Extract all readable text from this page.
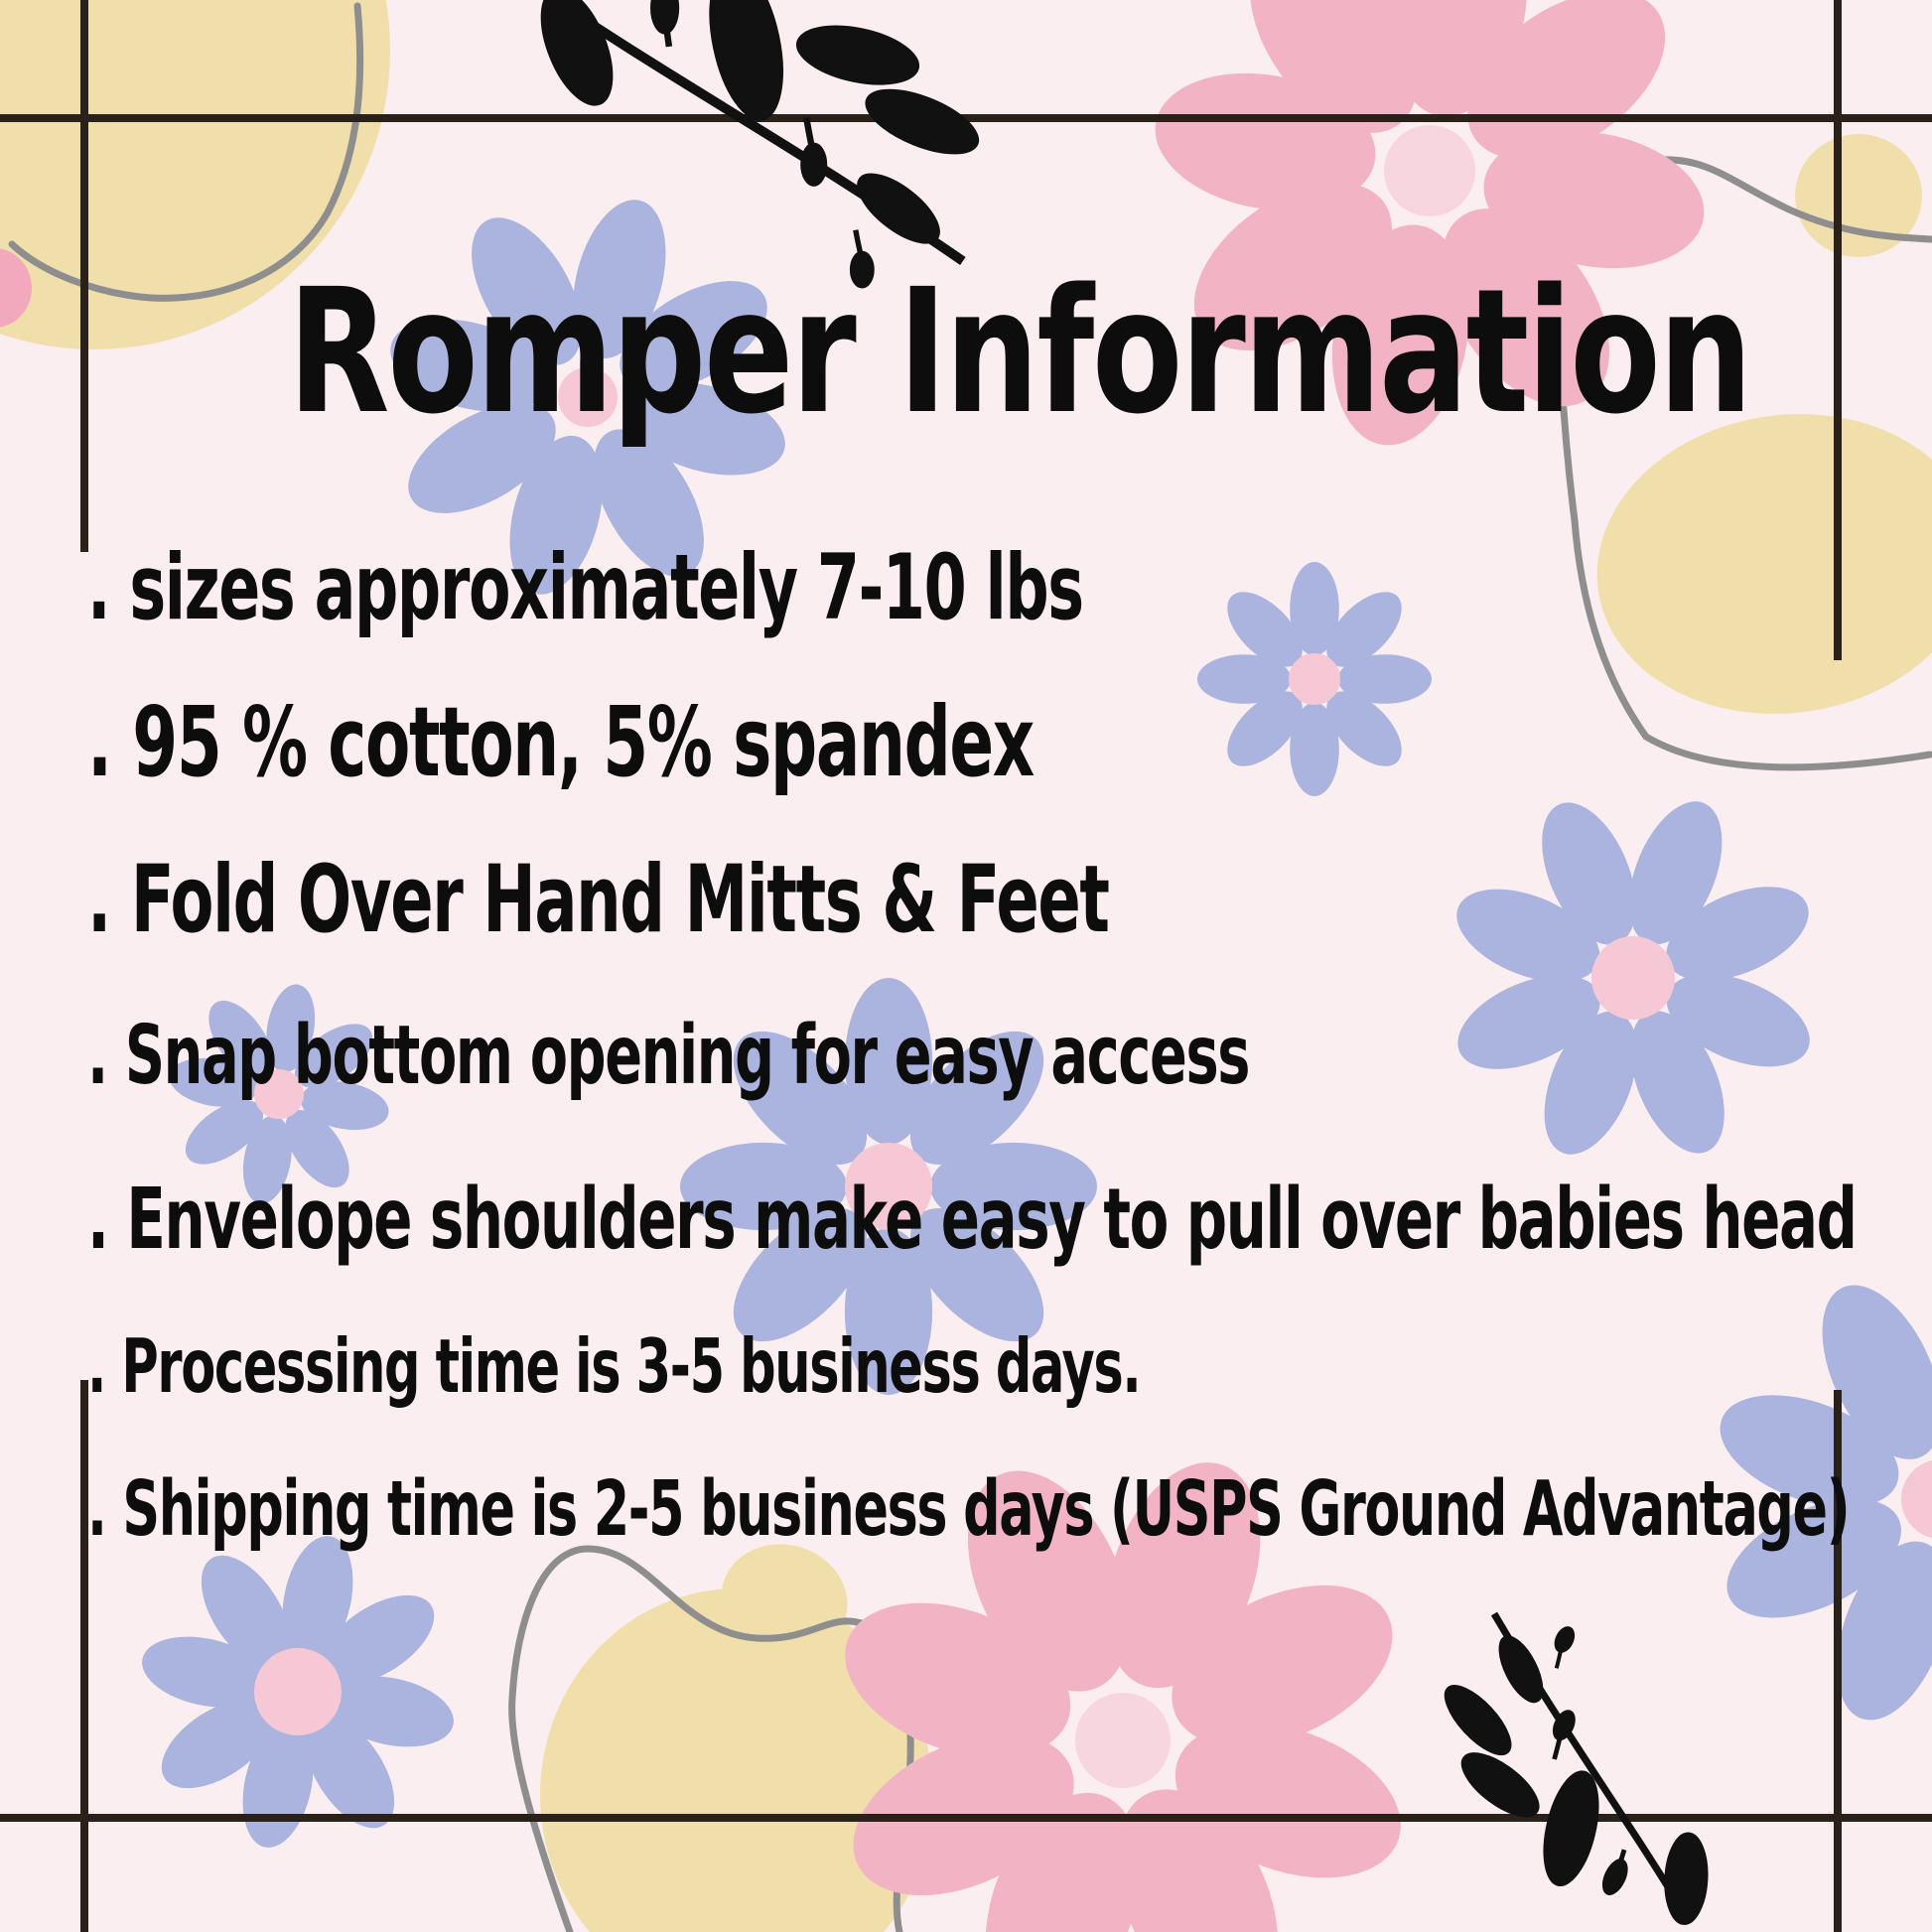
Romper Information
. sizes approximately 7-10 lbs
. 95 % cotton, 5% spandex
. Fold Over Hand Mitts & Feet
. Snap bottom opening for easy access
. Envelope shoulders make easy to pull over babies head
. Processing time is 3-5 business days.
. Shipping time is 2-5 business days (USPS Ground Advantage)
